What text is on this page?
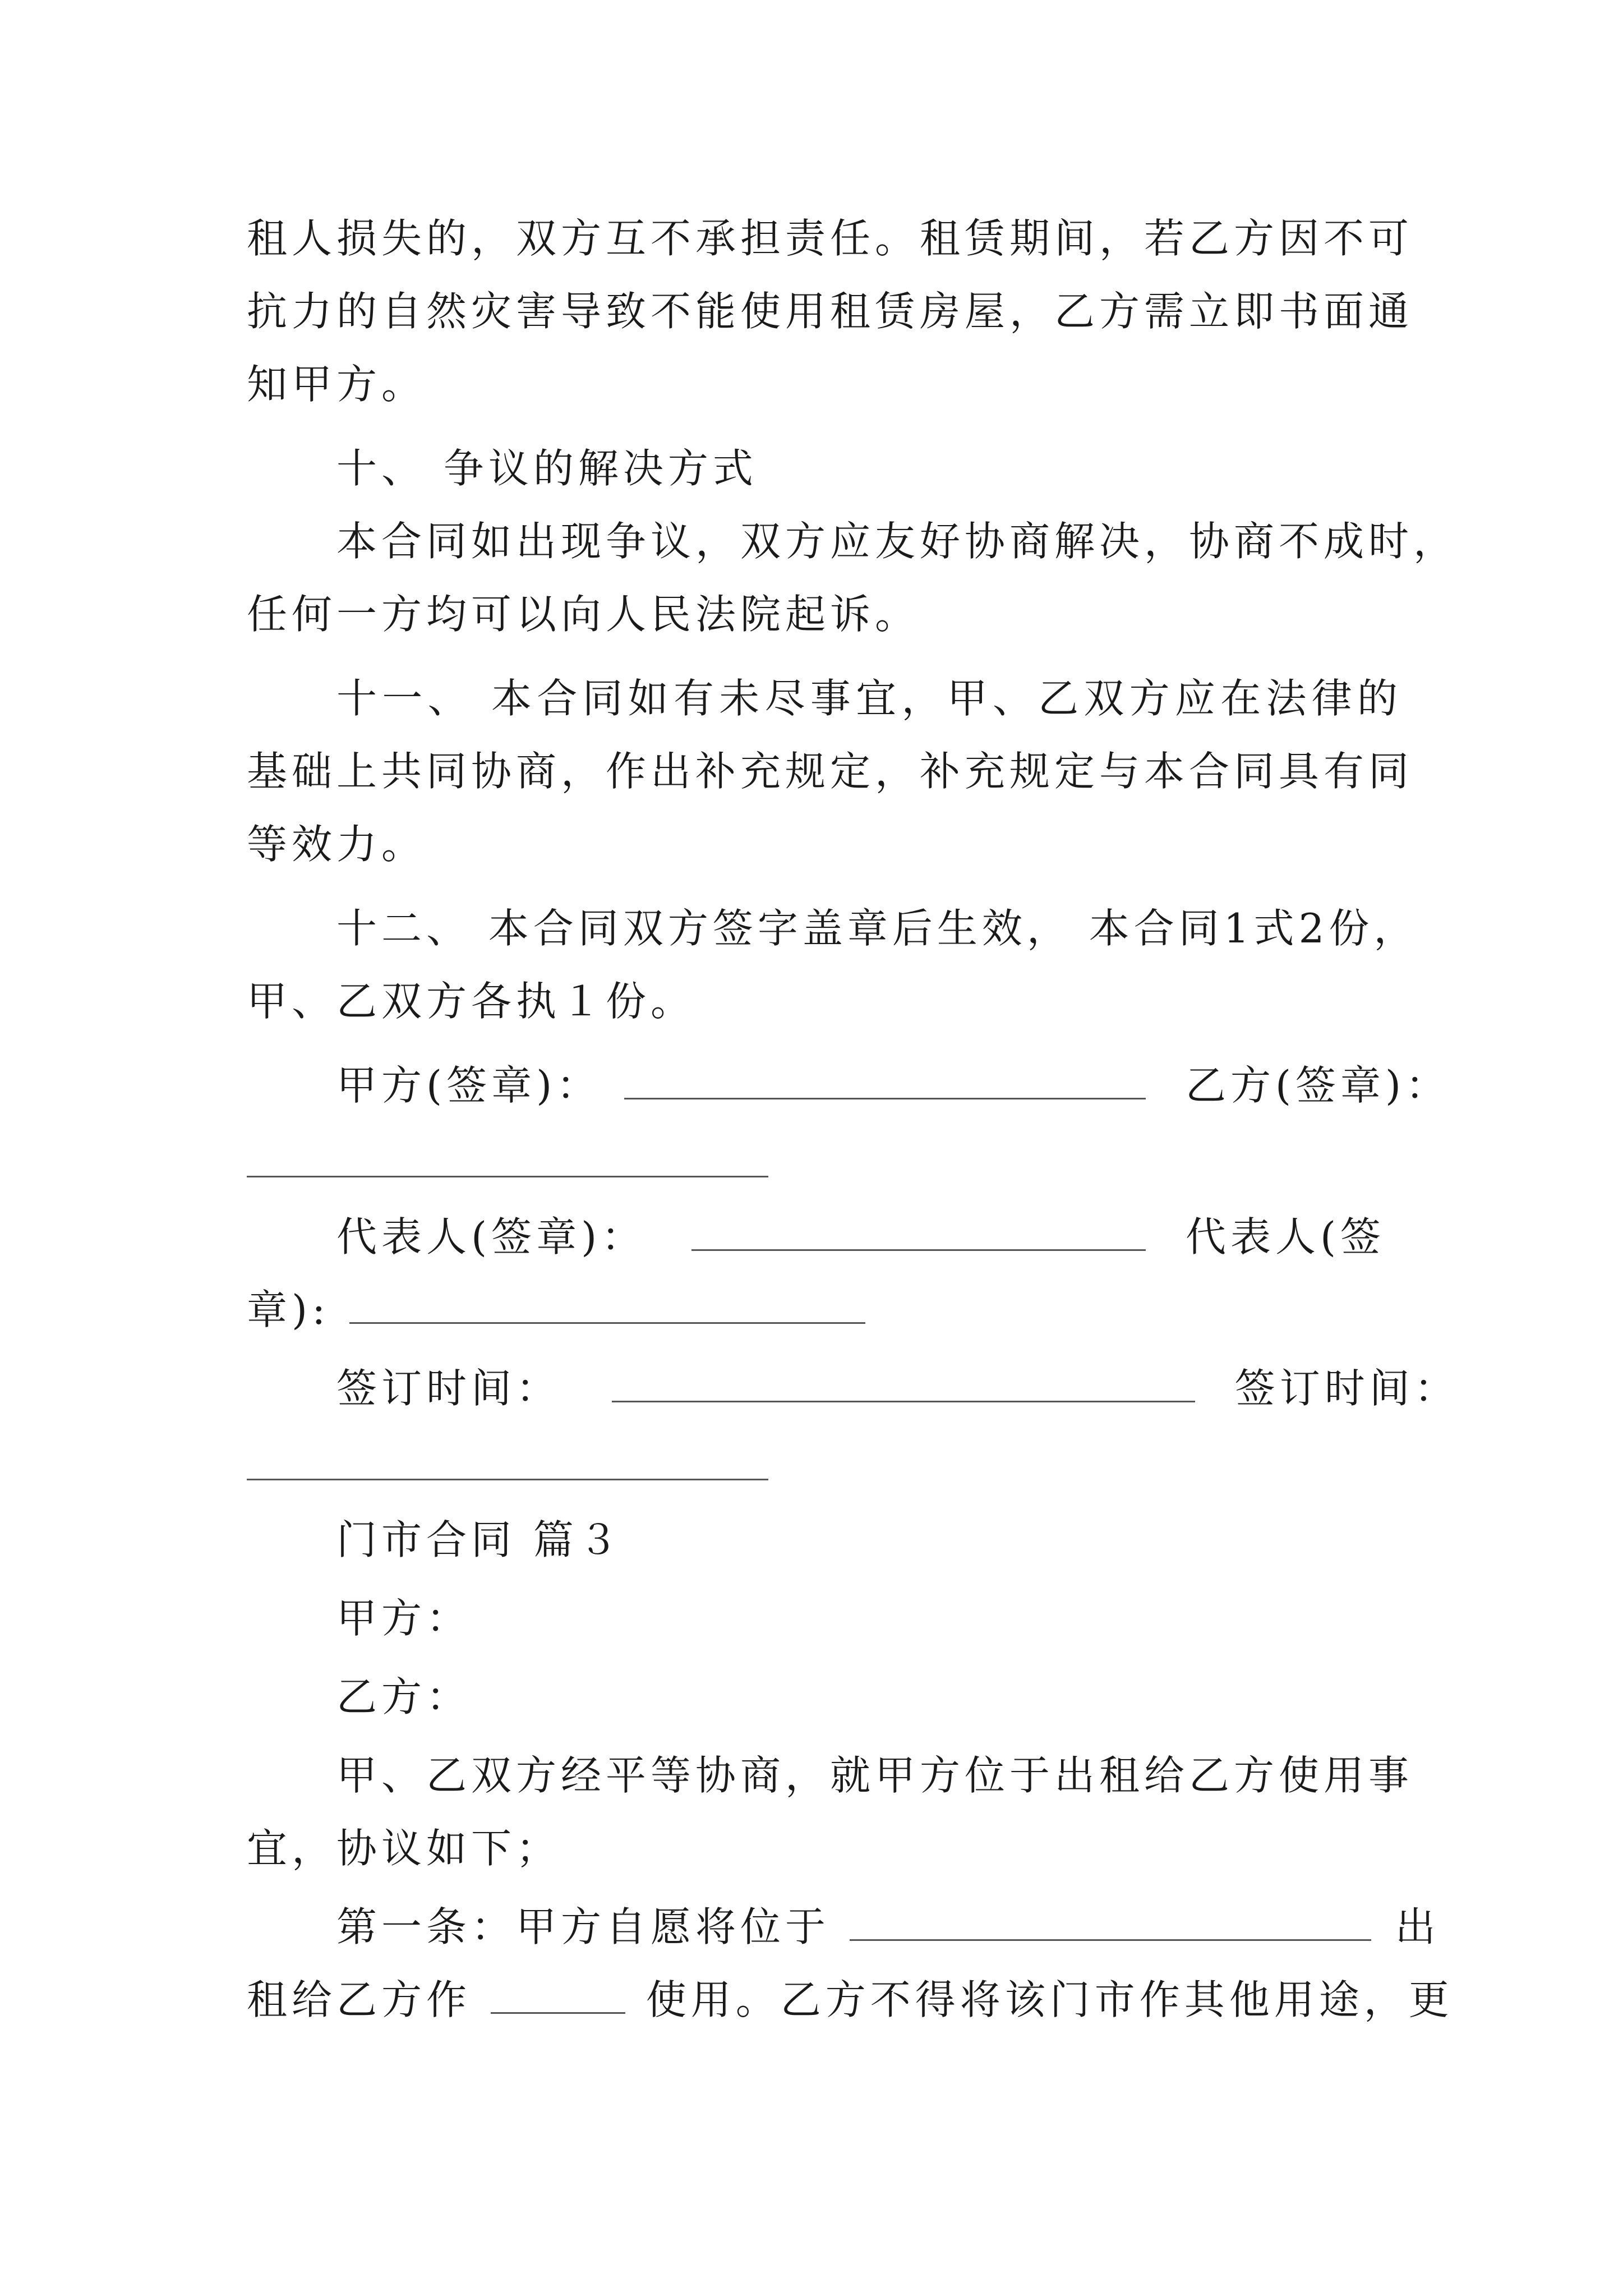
租人损失的，双方互不承担责任。租赁期间，若乙方因不可
抗力的自然灾害导致不能使用租赁房屋，乙方需立即书面通
知甲方。
十、 争议的解决方式
本合同如出现争议，双方应友好协商解决，协商不成时，
任何一方均可以向人民法院起诉。
十一、 本合同如有未尽事宜，甲、乙双方应在法律的
基础上共同协商，作出补充规定，补充规定与本合同具有同
等效力。
十二、 本合同双方签字盖章后生效， 本合同1式2份，
甲、乙双方各执１份。
甲方(签章)：	乙方(签章)：
代表人(签章)：	代表人(签
章):
签订时间：	签订时间：
门市合同 篇３
甲方：
乙方：
甲、乙双方经平等协商，就甲方位于出租给乙方使用事
宜，协议如下；
第一条：甲方自愿将位于	出
租给乙方作	使用。乙方不得将该门市作其他用途，更
